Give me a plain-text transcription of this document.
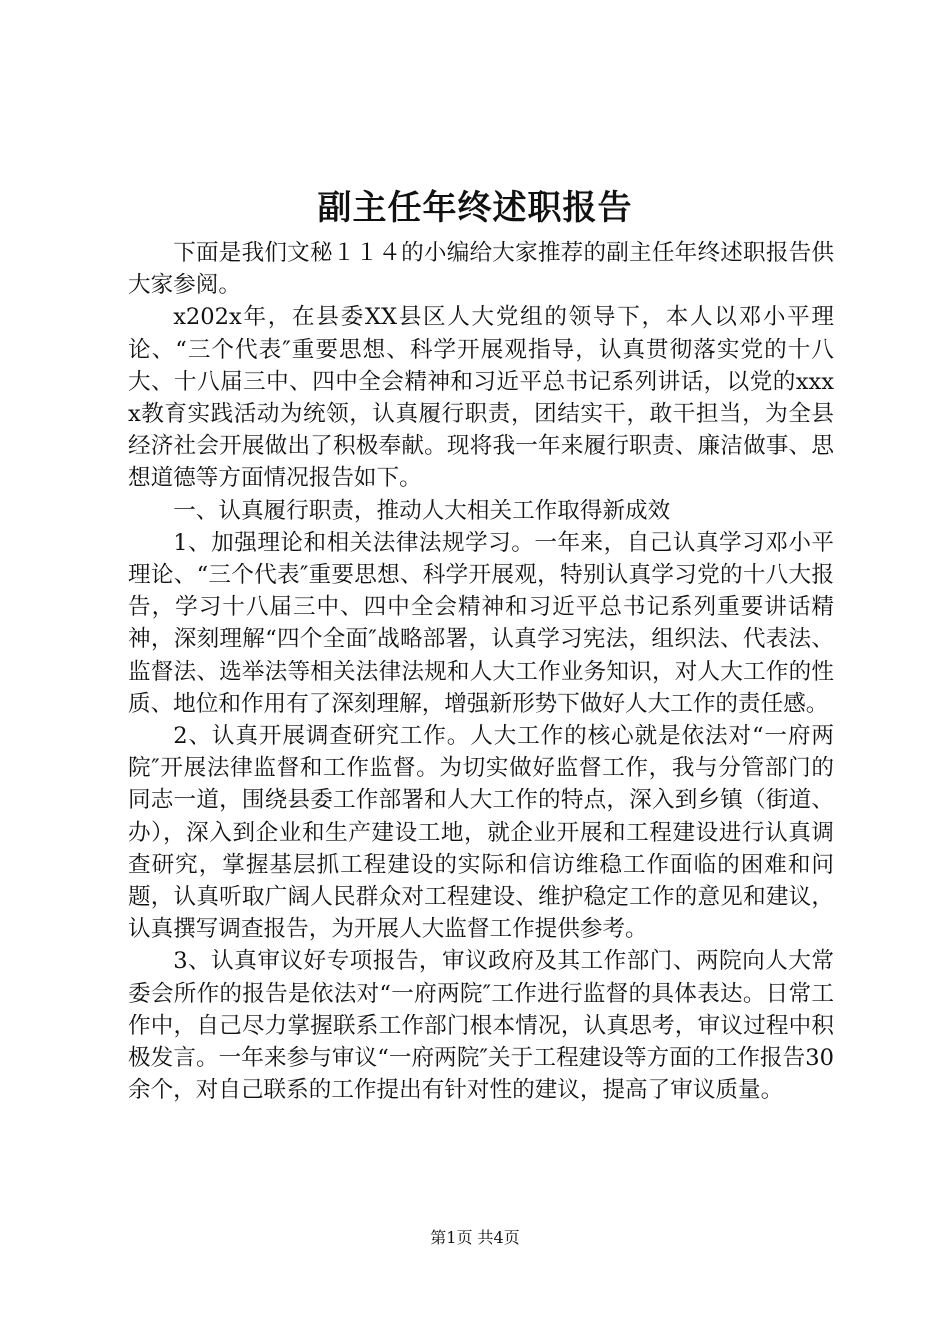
副主任年终述职报告

下面是我们文秘１１４的小编给大家推荐的副主任年终述职报告供大家参阅。

x202x年，在县委XX县区人大党组的领导下，本人以邓小平理论、“三个代表″重要思想、科学开展观指导，认真贯彻落实党的十八大、十八届三中、四中全会精神和习近平总书记系列讲话，以党的xxxx教育实践活动为统领，认真履行职责，团结实干，敢干担当，为全县经济社会开展做出了积极奉献。现将我一年来履行职责、廉洁做事、思想道德等方面情况报告如下。

一、认真履行职责，推动人大相关工作取得新成效

1、加强理论和相关法律法规学习。一年来，自己认真学习邓小平理论、“三个代表″重要思想、科学开展观，特别认真学习党的十八大报告，学习十八届三中、四中全会精神和习近平总书记系列重要讲话精神，深刻理解“四个全面″战略部署，认真学习宪法，组织法、代表法、监督法、选举法等相关法律法规和人大工作业务知识，对人大工作的性质、地位和作用有了深刻理解，增强新形势下做好人大工作的责任感。

2、认真开展调查研究工作。人大工作的核心就是依法对“一府两院″开展法律监督和工作监督。为切实做好监督工作，我与分管部门的同志一道，围绕县委工作部署和人大工作的特点，深入到乡镇（街道、办），深入到企业和生产建设工地，就企业开展和工程建设进行认真调查研究，掌握基层抓工程建设的实际和信访维稳工作面临的困难和问题，认真听取广阔人民群众对工程建设、维护稳定工作的意见和建议，认真撰写调查报告，为开展人大监督工作提供参考。

3、认真审议好专项报告，审议政府及其工作部门、两院向人大常委会所作的报告是依法对“一府两院″工作进行监督的具体表达。日常工作中，自己尽力掌握联系工作部门根本情况，认真思考，审议过程中积极发言。一年来参与审议“一府两院″关于工程建设等方面的工作报告30余个，对自己联系的工作提出有针对性的建议，提高了审议质量。

第1页 共4页
